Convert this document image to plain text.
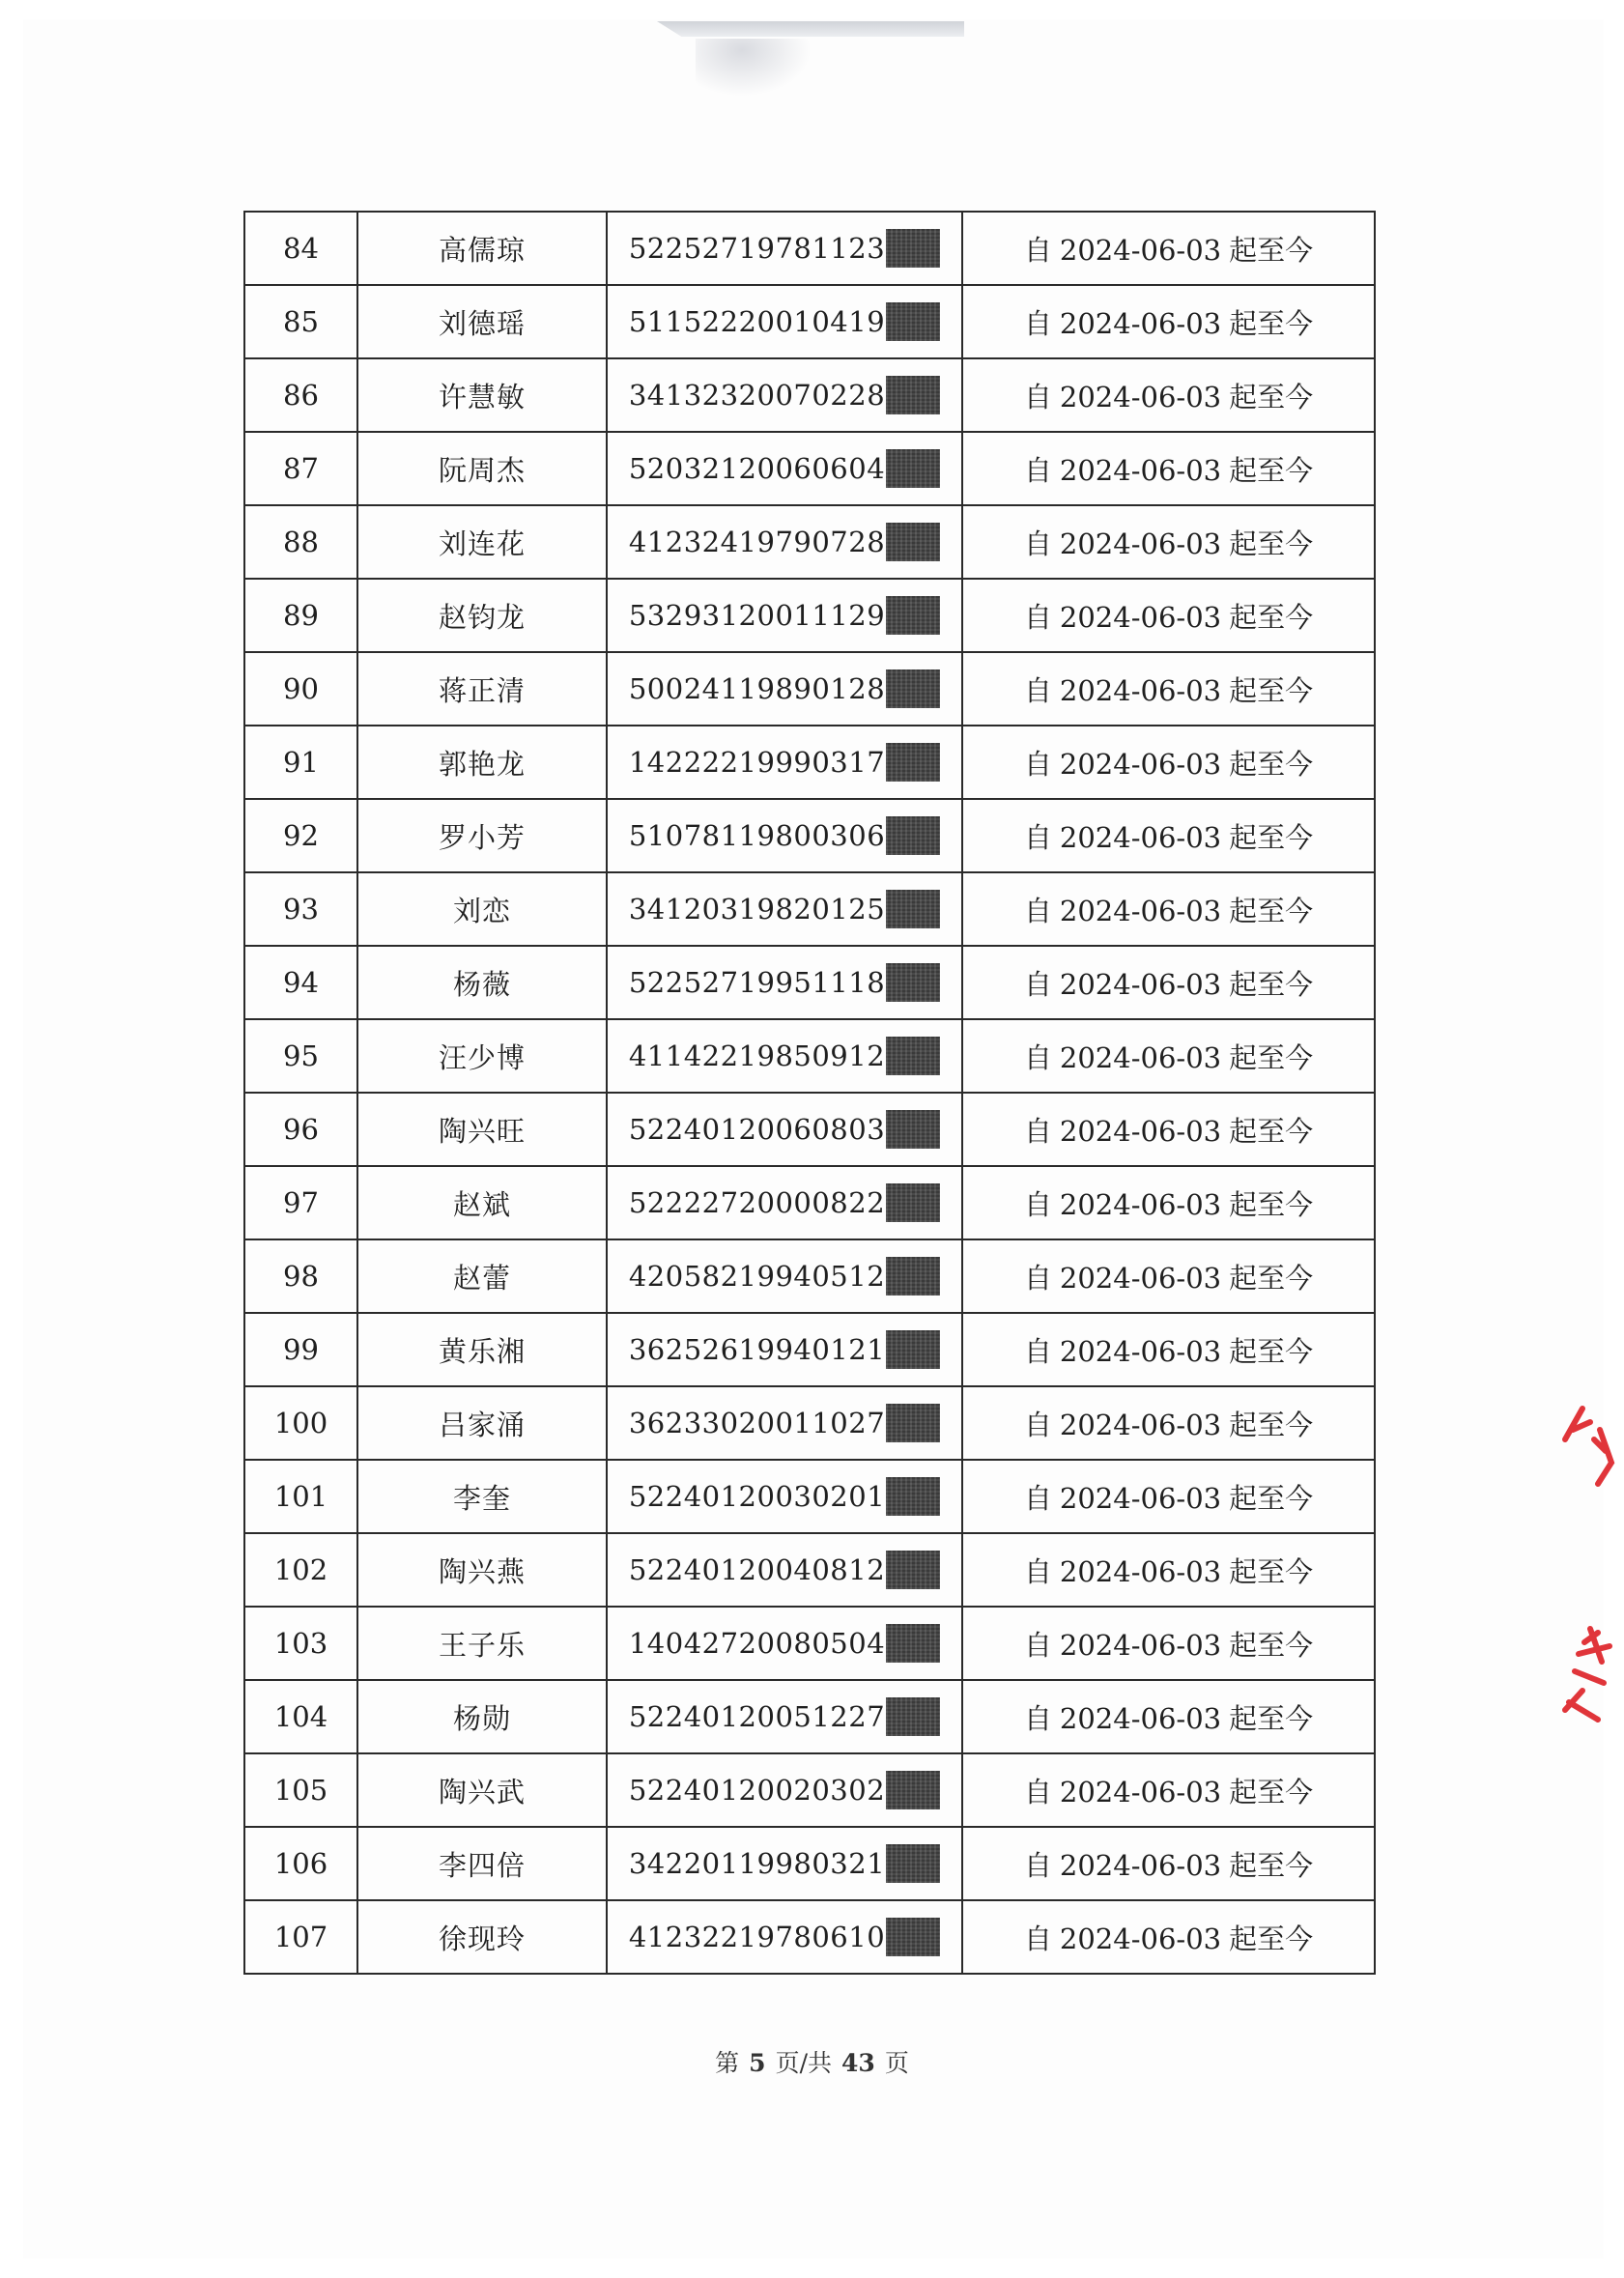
84	高儒琼	52252719781123	自 2024-06-03 起至今
85	刘德瑶	51152220010419	自 2024-06-03 起至今
86	许慧敏	34132320070228	自 2024-06-03 起至今
87	阮周杰	52032120060604	自 2024-06-03 起至今
88	刘连花	41232419790728	自 2024-06-03 起至今
89	赵钧龙	53293120011129	自 2024-06-03 起至今
90	蒋正清	50024119890128	自 2024-06-03 起至今
91	郭艳龙	14222219990317	自 2024-06-03 起至今
92	罗小芳	51078119800306	自 2024-06-03 起至今
93	刘恋	34120319820125	自 2024-06-03 起至今
94	杨薇	52252719951118	自 2024-06-03 起至今
95	汪少博	41142219850912	自 2024-06-03 起至今
96	陶兴旺	52240120060803	自 2024-06-03 起至今
97	赵斌	52222720000822	自 2024-06-03 起至今
98	赵蕾	42058219940512	自 2024-06-03 起至今
99	黄乐湘	36252619940121	自 2024-06-03 起至今
100	吕家涌	36233020011027	自 2024-06-03 起至今
101	李奎	52240120030201	自 2024-06-03 起至今
102	陶兴燕	52240120040812	自 2024-06-03 起至今
103	王子乐	14042720080504	自 2024-06-03 起至今
104	杨勋	52240120051227	自 2024-06-03 起至今
105	陶兴武	52240120020302	自 2024-06-03 起至今
106	李四倍	34220119980321	自 2024-06-03 起至今
107	徐现玲	41232219780610	自 2024-06-03 起至今
第 5 页/共 43 页
